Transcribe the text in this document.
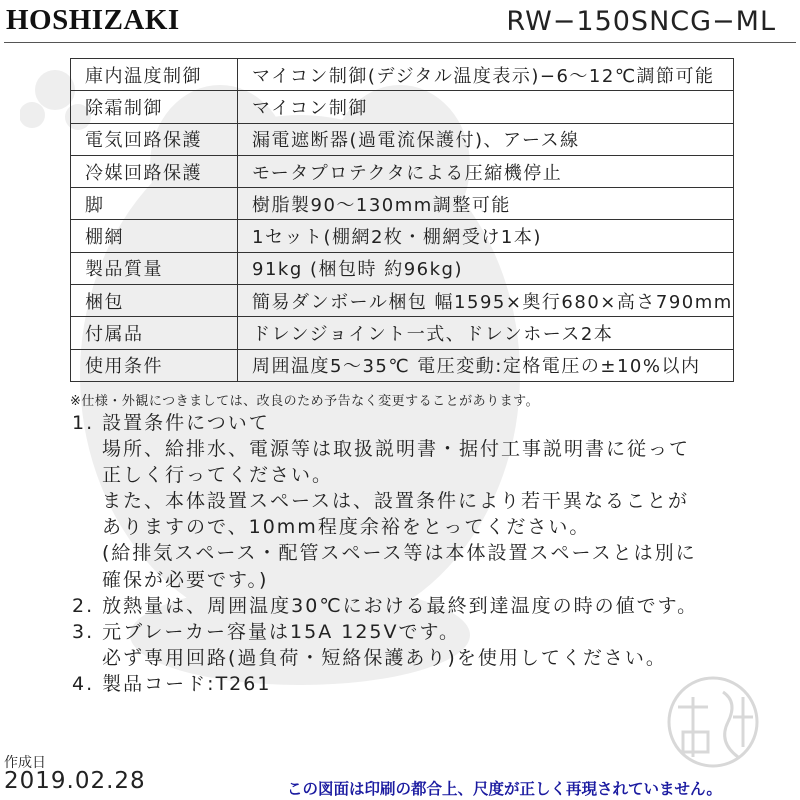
HOSHIZAKI	RW−150SNCG−ML
庫内温度制御	マイコン制御(デジタル温度表示)−6～12℃調節可能
除霜制御	マイコン制御
電気回路保護	漏電遮断器(過電流保護付)、アース線
冷媒回路保護	モータプロテクタによる圧縮機停止
脚	樹脂製90～130mm調整可能
棚網	1セット(棚網2枚・棚網受け1本)
製品質量	91kg (梱包時 約96kg)
梱包	簡易ダンボール梱包 幅1595×奥行680×高さ790mm
付属品	ドレンジョイント一式、ドレンホース2本
使用条件	周囲温度5～35℃ 電圧変動:定格電圧の±10%以内
※仕様・外観につきましては、改良のため予告なく変更することがあります。
1. 設置条件について
場所、給排水、電源等は取扱説明書・据付工事説明書に従って
正しく行ってください。
また、本体設置スペースは、設置条件により若干異なることが
ありますので、10mm程度余裕をとってください。
(給排気スペース・配管スペース等は本体設置スペースとは別に
確保が必要です。)
2. 放熱量は、周囲温度30℃における最終到達温度の時の値です。
3. 元ブレーカー容量は15A 125Vです。
必ず専用回路(過負荷・短絡保護あり)を使用してください。
4. 製品コード:T261
作成日
2019.02.28	この図面は印刷の都合上、尺度が正しく再現されていません。
